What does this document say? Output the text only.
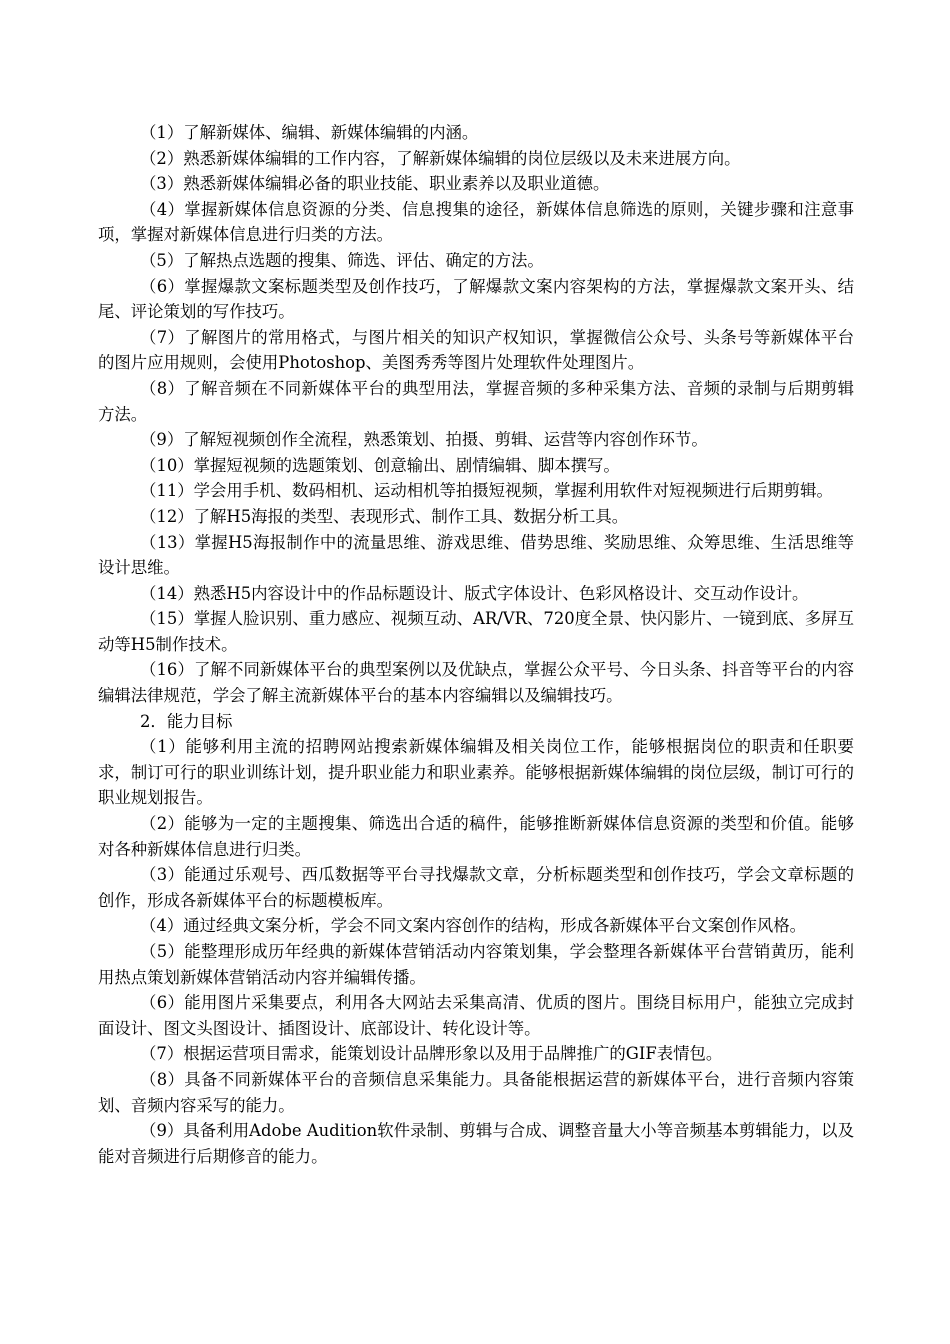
（1）了解新媒体、编辑、新媒体编辑的内涵。

（2）熟悉新媒体编辑的工作内容，了解新媒体编辑的岗位层级以及未来进展方向。

（3）熟悉新媒体编辑必备的职业技能、职业素养以及职业道德。

（4）掌握新媒体信息资源的分类、信息搜集的途径，新媒体信息筛选的原则，关键步骤和注意事项，掌握对新媒体信息进行归类的方法。

（5）了解热点选题的搜集、筛选、评估、确定的方法。

（6）掌握爆款文案标题类型及创作技巧，了解爆款文案内容架构的方法，掌握爆款文案开头、结尾、评论策划的写作技巧。

（7）了解图片的常用格式，与图片相关的知识产权知识，掌握微信公众号、头条号等新媒体平台的图片应用规则，会使用Photoshop、美图秀秀等图片处理软件处理图片。

（8）了解音频在不同新媒体平台的典型用法，掌握音频的多种采集方法、音频的录制与后期剪辑方法。

（9）了解短视频创作全流程，熟悉策划、拍摄、剪辑、运营等内容创作环节。

（10）掌握短视频的选题策划、创意输出、剧情编辑、脚本撰写。

（11）学会用手机、数码相机、运动相机等拍摄短视频，掌握利用软件对短视频进行后期剪辑。

（12）了解H5海报的类型、表现形式、制作工具、数据分析工具。

（13）掌握H5海报制作中的流量思维、游戏思维、借势思维、奖励思维、众筹思维、生活思维等设计思维。

（14）熟悉H5内容设计中的作品标题设计、版式字体设计、色彩风格设计、交互动作设计。

（15）掌握人脸识别、重力感应、视频互动、AR/VR、720度全景、快闪影片、一镜到底、多屏互动等H5制作技术。

（16）了解不同新媒体平台的典型案例以及优缺点，掌握公众平号、今日头条、抖音等平台的内容编辑法律规范，学会了解主流新媒体平台的基本内容编辑以及编辑技巧。

2．能力目标

（1）能够利用主流的招聘网站搜索新媒体编辑及相关岗位工作，能够根据岗位的职责和任职要求，制订可行的职业训练计划，提升职业能力和职业素养。能够根据新媒体编辑的岗位层级，制订可行的职业规划报告。

（2）能够为一定的主题搜集、筛选出合适的稿件，能够推断新媒体信息资源的类型和价值。能够对各种新媒体信息进行归类。

（3）能通过乐观号、西瓜数据等平台寻找爆款文章，分析标题类型和创作技巧，学会文章标题的创作，形成各新媒体平台的标题模板库。

（4）通过经典文案分析，学会不同文案内容创作的结构，形成各新媒体平台文案创作风格。

（5）能整理形成历年经典的新媒体营销活动内容策划集，学会整理各新媒体平台营销黄历，能利用热点策划新媒体营销活动内容并编辑传播。

（6）能用图片采集要点，利用各大网站去采集高清、优质的图片。围绕目标用户，能独立完成封面设计、图文头图设计、插图设计、底部设计、转化设计等。

（7）根据运营项目需求，能策划设计品牌形象以及用于品牌推广的GIF表情包。

（8）具备不同新媒体平台的音频信息采集能力。具备能根据运营的新媒体平台，进行音频内容策划、音频内容采写的能力。

（9）具备利用Adobe Audition软件录制、剪辑与合成、调整音量大小等音频基本剪辑能力，以及能对音频进行后期修音的能力。
